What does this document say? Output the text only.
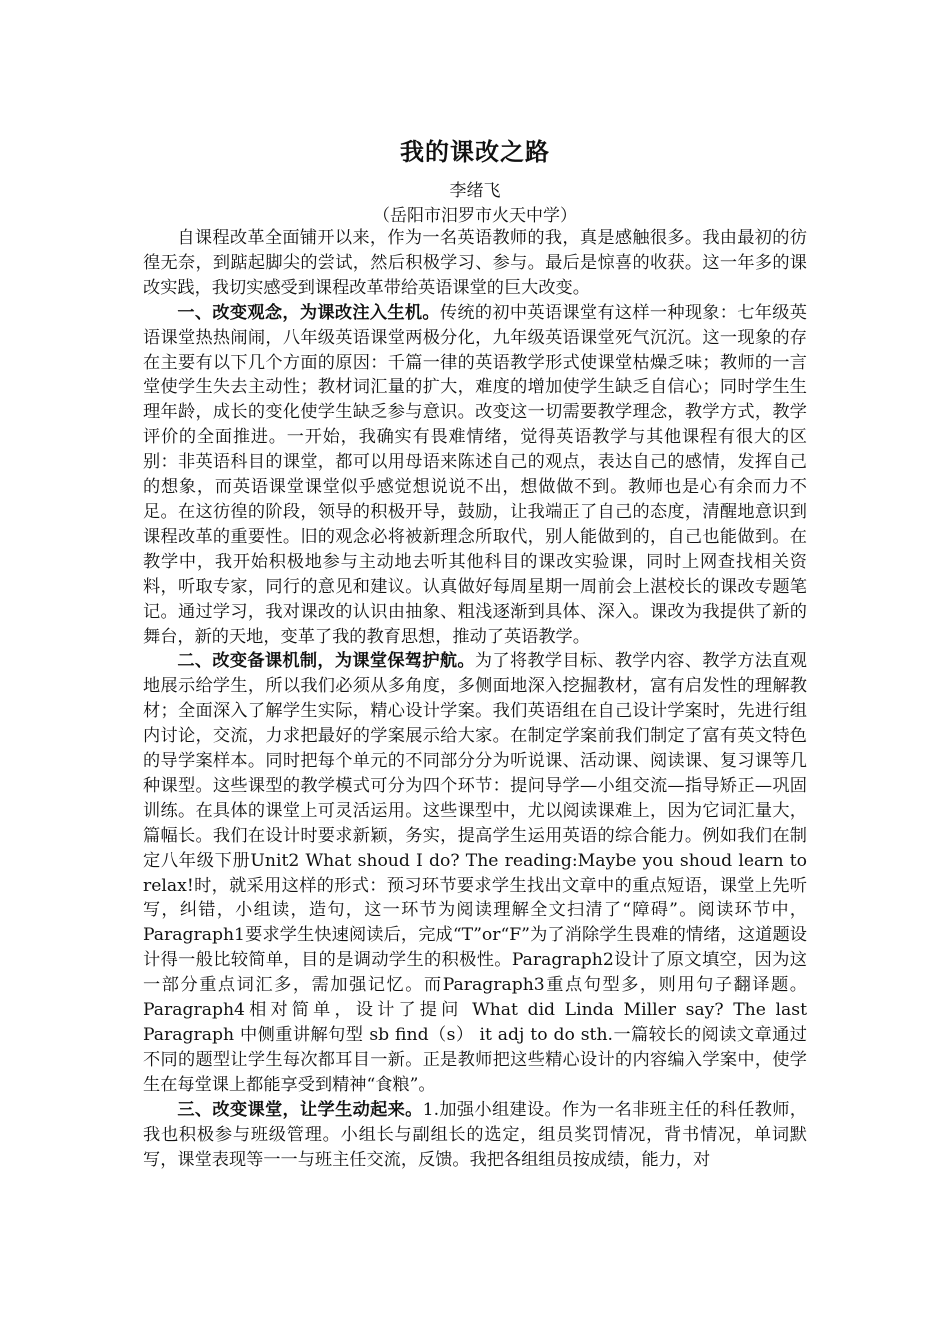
我的课改之路
李绪飞
（岳阳市汨罗市火天中学）

自课程改革全面铺开以来，作为一名英语教师的我，真是感触很多。我由最初的彷徨无奈，到踮起脚尖的尝试，然后积极学习、参与。最后是惊喜的收获。这一年多的课改实践，我切实感受到课程改革带给英语课堂的巨大改变。

一、改变观念，为课改注入生机。传统的初中英语课堂有这样一种现象：七年级英语课堂热热闹闹，八年级英语课堂两极分化，九年级英语课堂死气沉沉。这一现象的存在主要有以下几个方面的原因：千篇一律的英语教学形式使课堂枯燥乏味；教师的一言堂使学生失去主动性；教材词汇量的扩大，难度的增加使学生缺乏自信心；同时学生生理年龄，成长的变化使学生缺乏参与意识。改变这一切需要教学理念，教学方式，教学评价的全面推进。一开始，我确实有畏难情绪，觉得英语教学与其他课程有很大的区别：非英语科目的课堂，都可以用母语来陈述自己的观点，表达自己的感情，发挥自己的想象，而英语课堂课堂似乎感觉想说说不出，想做做不到。教师也是心有余而力不足。在这彷徨的阶段，领导的积极开导，鼓励，让我端正了自己的态度，清醒地意识到课程改革的重要性。旧的观念必将被新理念所取代，别人能做到的，自己也能做到。在教学中，我开始积极地参与主动地去听其他科目的课改实验课，同时上网查找相关资料，听取专家，同行的意见和建议。认真做好每周星期一周前会上湛校长的课改专题笔记。通过学习，我对课改的认识由抽象、粗浅逐渐到具体、深入。课改为我提供了新的舞台，新的天地，变革了我的教育思想，推动了英语教学。

二、改变备课机制，为课堂保驾护航。为了将教学目标、教学内容、教学方法直观地展示给学生，所以我们必须从多角度，多侧面地深入挖掘教材，富有启发性的理解教材；全面深入了解学生实际，精心设计学案。我们英语组在自己设计学案时，先进行组内讨论，交流，力求把最好的学案展示给大家。在制定学案前我们制定了富有英文特色的导学案样本。同时把每个单元的不同部分分为听说课、活动课、阅读课、复习课等几种课型。这些课型的教学模式可分为四个环节：提问导学—小组交流—指导矫正—巩固训练。在具体的课堂上可灵活运用。这些课型中，尤以阅读课难上，因为它词汇量大，篇幅长。我们在设计时要求新颖，务实，提高学生运用英语的综合能力。例如我们在制定八年级下册Unit2 What shoud I do? The reading:Maybe you shoud learn to relax!时，就采用这样的形式：预习环节要求学生找出文章中的重点短语，课堂上先听写，纠错，小组读，造句，这一环节为阅读理解全文扫清了“障碍”。阅读环节中，Paragraph1要求学生快速阅读后，完成“T”or“F”为了消除学生畏难的情绪，这道题设计得一般比较简单，目的是调动学生的积极性。Paragraph2设计了原文填空，因为这一部分重点词汇多，需加强记忆。而Paragraph3重点句型多，则用句子翻译题。Paragraph4相对简单，设计了提问 What did Linda Miller say? The last Paragraph 中侧重讲解句型 sb find（s） it adj to do sth.一篇较长的阅读文章通过不同的题型让学生每次都耳目一新。正是教师把这些精心设计的内容编入学案中，使学生在每堂课上都能享受到精神“食粮”。

三、改变课堂，让学生动起来。1.加强小组建设。作为一名非班主任的科任教师，我也积极参与班级管理。小组长与副组长的选定，组员奖罚情况，背书情况，单词默写，课堂表现等一一与班主任交流，反馈。我把各组组员按成绩，能力，对
